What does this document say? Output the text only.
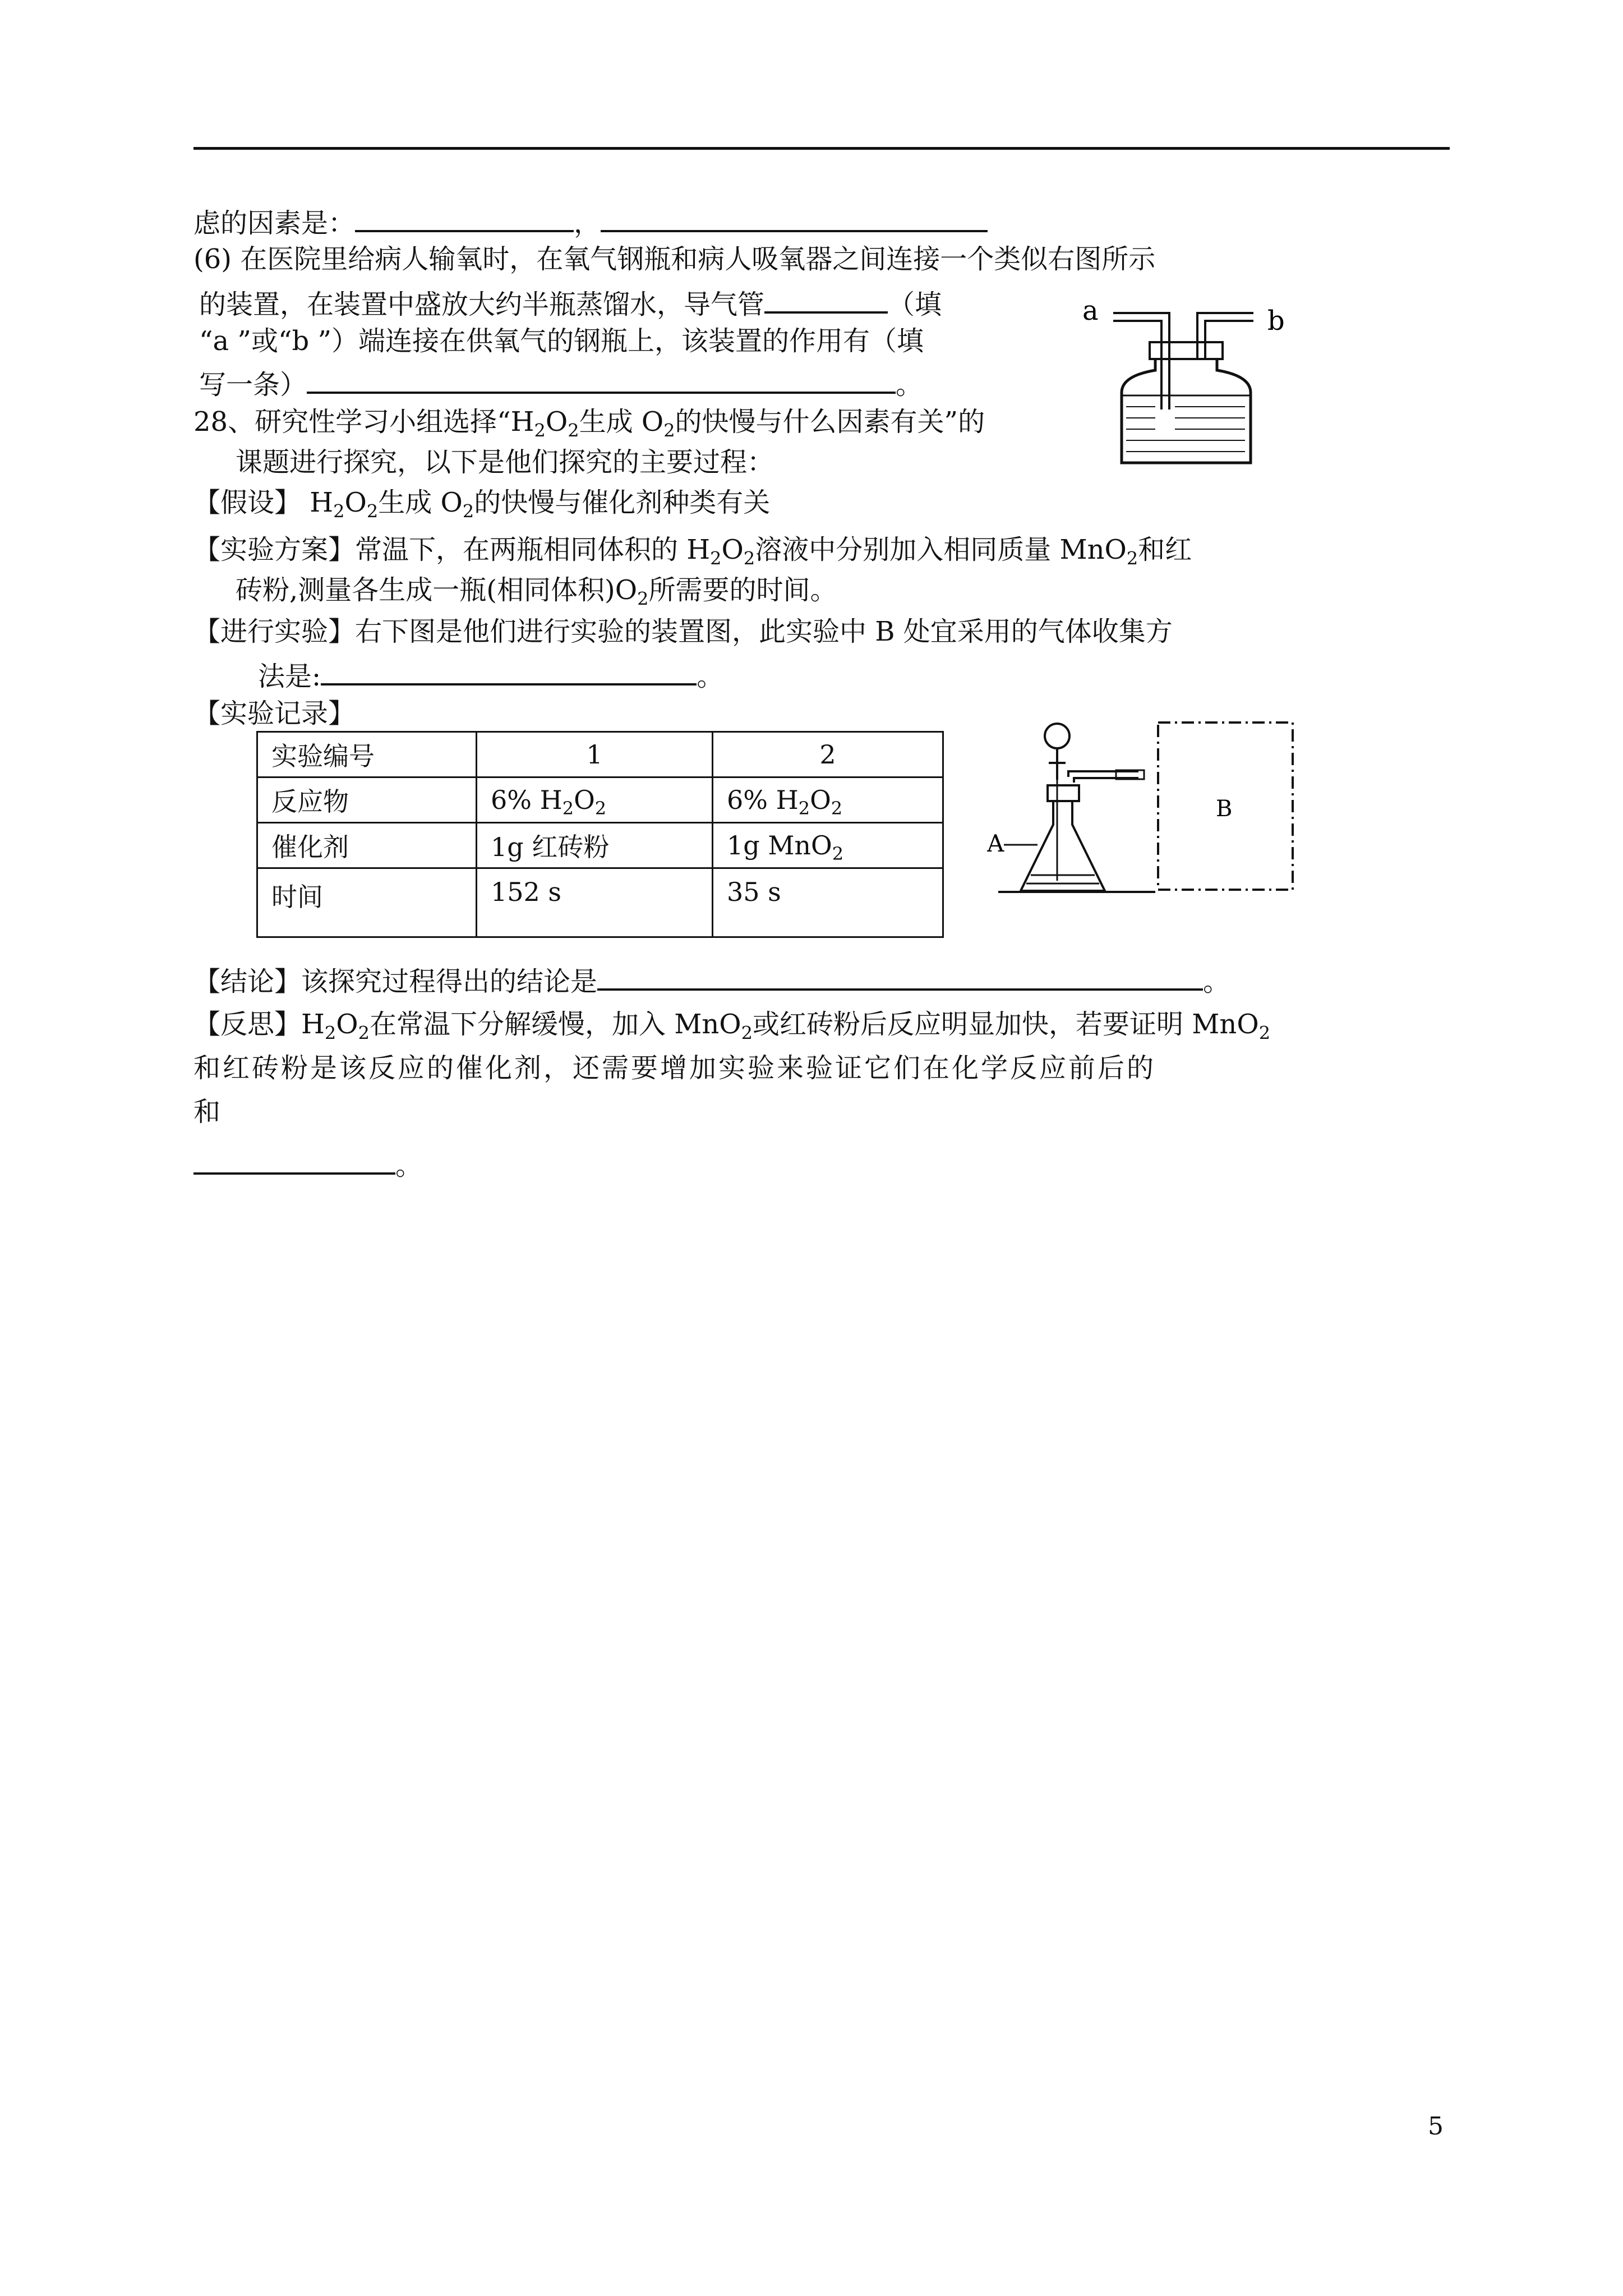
虑的因素是：	，
(6) 在医院里给病人输氧时，在氧气钢瓶和病人吸氧器之间连接一个类似右图所示
的装置，在装置中盛放大约半瓶蒸馏水，导气管	（填
“a ”或“b ”）端连接在供氧气的钢瓶上，该装置的作用有（填
写一条）	。
28、研究性学习小组选择“$H_2O_2$生成 $O_2$的快慢与什么因素有关”的
课题进行探究，以下是他们探究的主要过程：
【假设】 $H_2O_2$生成 $O_2$的快慢与催化剂种类有关
【实验方案】常温下，在两瓶相同体积的 $H_2O_2$溶液中分别加入相同质量 MnO$_2$和红
砖粉,测量各生成一瓶(相同体积)$O_2$所需要的时间。
【进行实验】右下图是他们进行实验的装置图，此实验中 B 处宜采用的气体收集方
法是:	。
【实验记录】
实验编号	1	2
反应物	6% $H_2O_2$	6% $H_2O_2$
催化剂	1g 红砖粉	1g MnO$_2$
时间	152 s	35 s
【结论】该探究过程得出的结论是	。
【反思】$H_2O_2$在常温下分解缓慢，加入 MnO$_2$或红砖粉后反应明显加快，若要证明 MnO$_2$
和红砖粉是该反应的催化剂，还需要增加实验来验证它们在化学反应前后的
和
。
a	b
A
B
5
